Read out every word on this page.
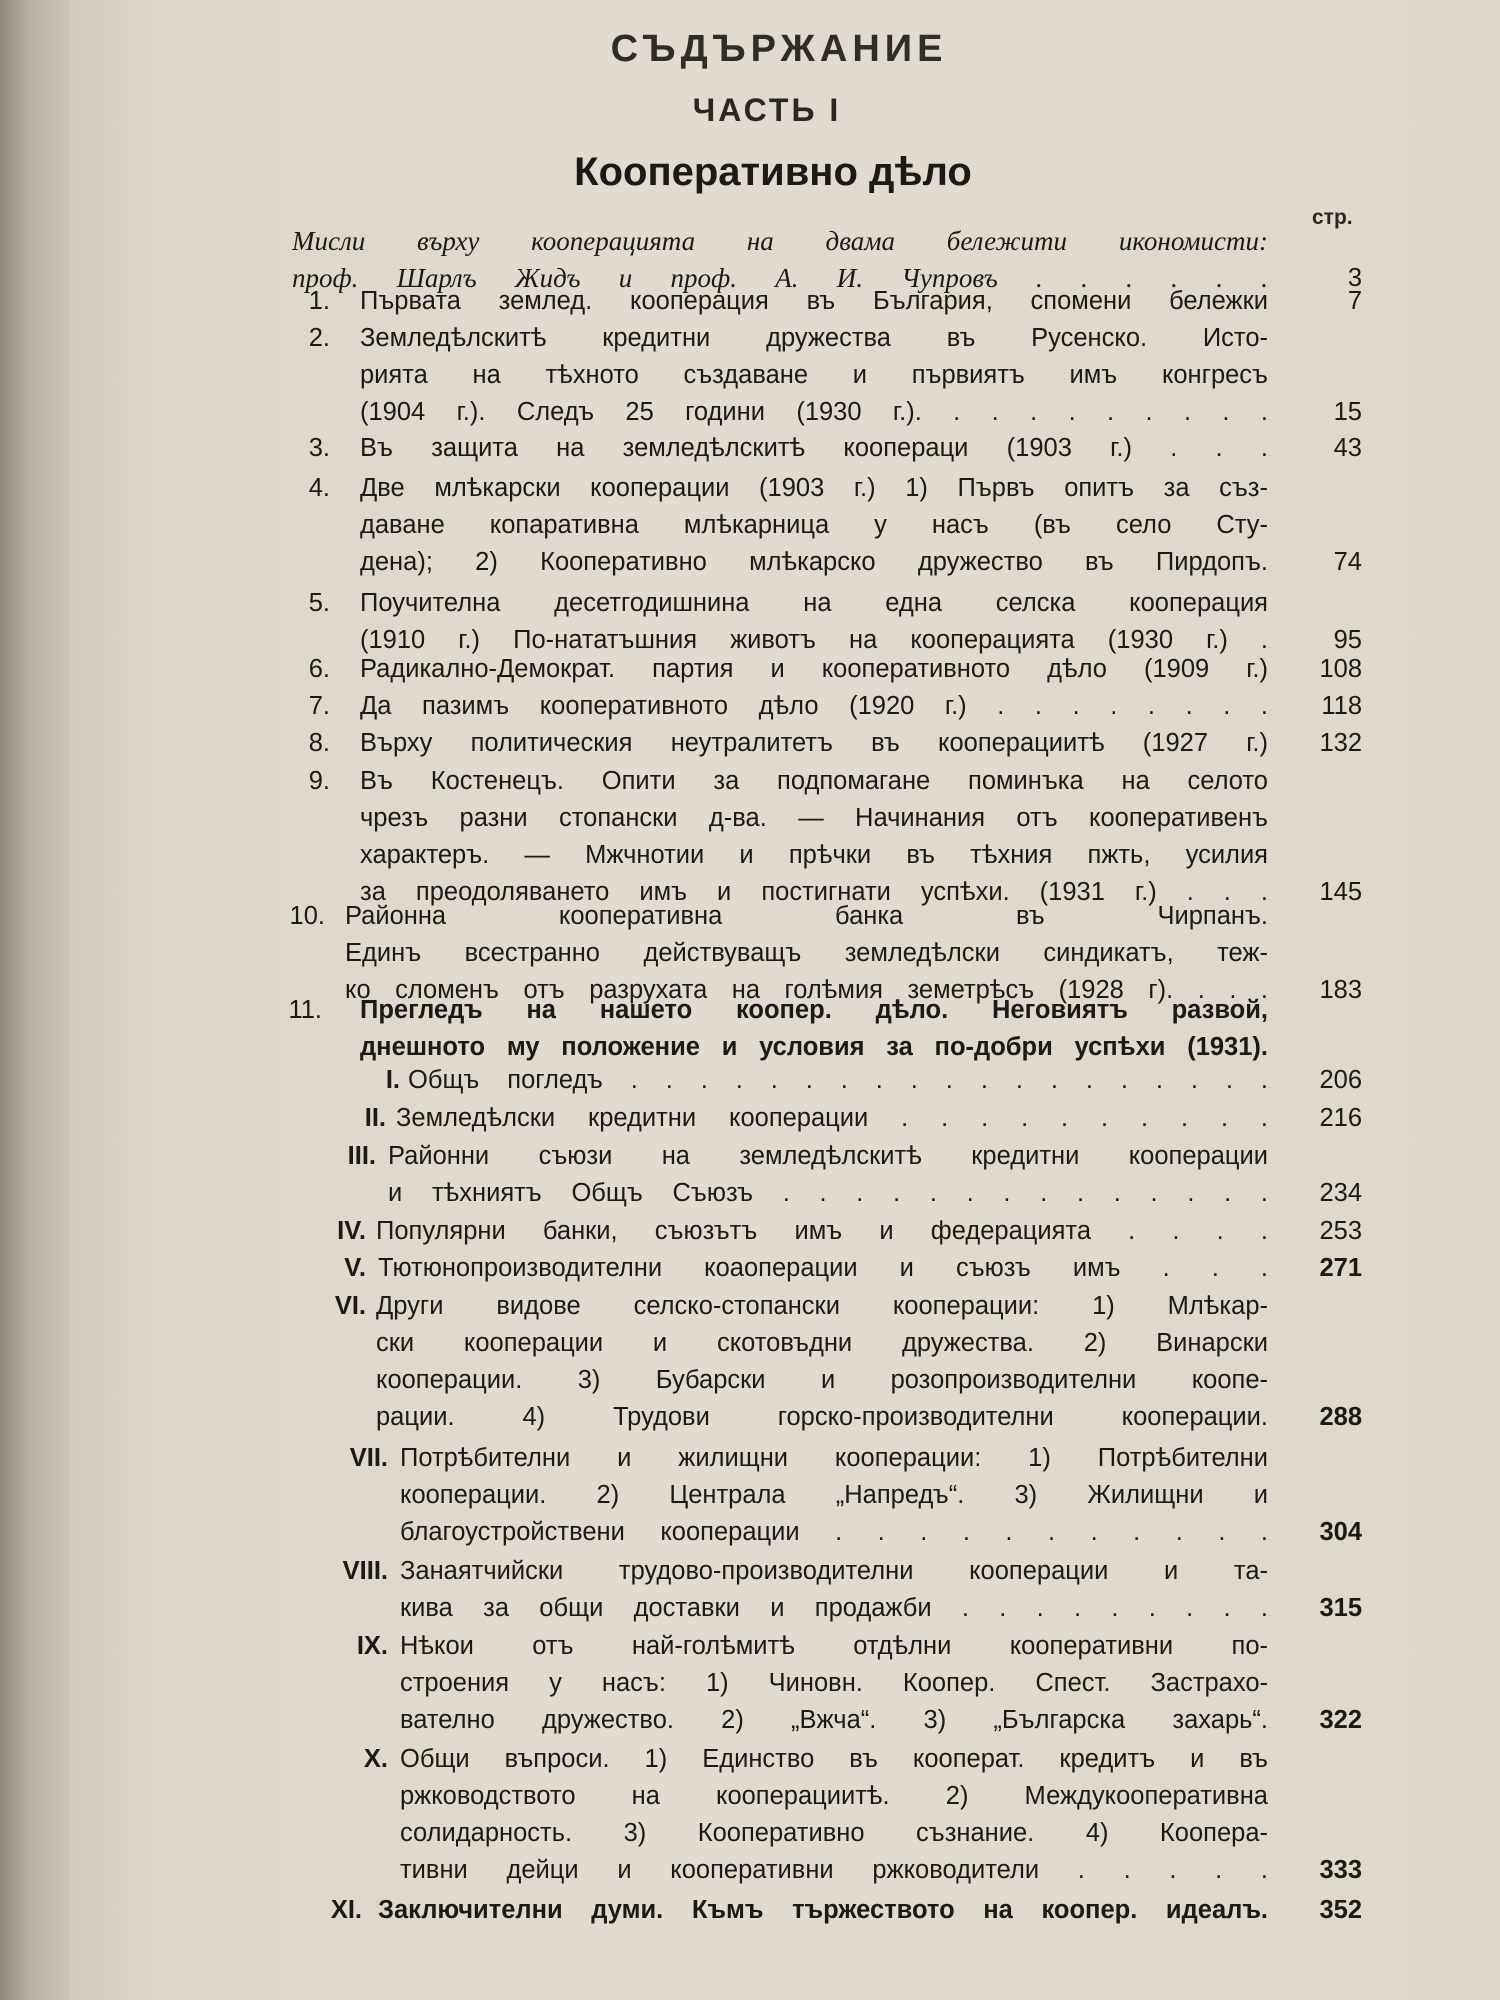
СЪДЪРЖАНИЕ
ЧАСТЬ I
Кооперативно дѣло
стр.
Мисли върху кооперацията на двама бележити икономисти:
проф. Шарлъ Жидъ и проф. А. И. Чупровъ . . . . . .	3
1. Първата землед. кооперация въ България, спомени бележки	7
2. Земледѣлскитѣ кредитни дружества въ Русенско. Исто-
рията на тѣхното създаване и първиятъ имъ конгресъ
(1904 г.). Следъ 25 години (1930 г.). . . . . . . . . .	15
3. Въ защита на земледѣлскитѣ коопераци (1903 г.) . . .	43
4. Две млѣкарски кооперации (1903 г.) 1) Първъ опитъ за съз-
даване копаративна млѣкарница у насъ (въ село Сту-
дена); 2) Кооперативно млѣкарско дружество въ Пирдопъ.	74
5. Поучителна десетгодишнина на една селска кооперация
(1910 г.) По-нататъшния животъ на кооперацията (1930 г.) .	95
6. Радикално-Демократ. партия и кооперативното дѣло (1909 г.)	108
7. Да пазимъ кооперативното дѣло (1920 г.) . . . . . . . .	118
8. Върху политическия неутралитетъ въ кооперациитѣ (1927 г.)	132
9. Въ Костенецъ. Опити за подпомагане поминъка на селото
чрезъ разни стопански д-ва. — Начинания отъ кооперативенъ
характеръ. — Мжчнотии и прѣчки въ тѣхния пжть, усилия
за преодоляването имъ и постигнати успѣхи. (1931 г.) . . .	145
10. Районна кооперативна банка въ Чирпанъ.
Единъ всестранно действуващъ земледѣлски синдикатъ, теж-
ко сломенъ отъ разрухата на голѣмия земетрѣсъ (1928 г). . . .	183
11. Прегледъ на нашето коопер. дѣло. Неговиятъ развой,
днешното му положение и условия за по-добри успѣхи (1931).
I. Общъ погледъ . . . . . . . . . . . . . . . . . . .	206
II. Земледѣлски кредитни кооперации . . . . . . . . . .	216
III. Районни съюзи на земледѣлскитѣ кредитни кооперации
и тѣхниятъ Общъ Съюзъ . . . . . . . . . . . . . .	234
IV. Популярни банки, съюзътъ имъ и федерацията . . . .	253
V. Тютюнопроизводителни коаоперации и съюзъ имъ . . .	271
VI. Други видове селско-стопански кооперации: 1) Млѣкар-
ски кооперации и скотовъдни дружества. 2) Винарски
кооперации. 3) Бубарски и розопроизводителни коопе-
рации. 4) Трудови горско-производителни кооперации.	288
VII. Потрѣбителни и жилищни кооперации: 1) Потрѣбителни
кооперации. 2) Централа „Напредъ“. 3) Жилищни и
благоустройствени кооперации . . . . . . . . . . .	304
VIII. Занаятчийски трудово-производителни кооперации и та-
кива за общи доставки и продажби . . . . . . . . .	315
IX. Нѣкои отъ най-голѣмитѣ отдѣлни кооперативни по-
строения у насъ: 1) Чиновн. Коопер. Спест. Застрахо-
вателно дружество. 2) „Вжча“. 3) „Българска захарь“.	322
X. Общи въпроси. 1) Единство въ кооперат. кредитъ и въ
ржководството на кооперациитѣ. 2) Междукооперативна
солидарность. 3) Кооперативно съзнание. 4) Коопера-
тивни дейци и кооперативни ржководители . . . . .	333
XI. Заключителни думи. Къмъ тържеството на коопер. идеалъ.	352
